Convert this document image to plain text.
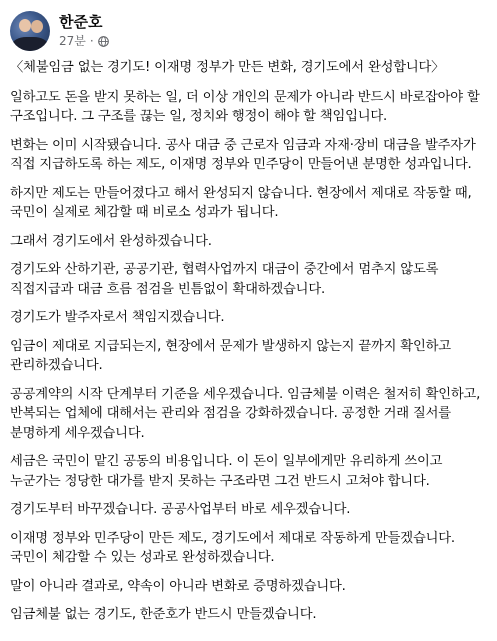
한준호
27분 ·

〈체불임금 없는 경기도! 이재명 정부가 만든 변화, 경기도에서 완성합니다〉

일하고도 돈을 받지 못하는 일, 더 이상 개인의 문제가 아니라 반드시 바로잡아야 할 구조입니다. 그 구조를 끊는 일, 정치와 행정이 해야 할 책임입니다.

변화는 이미 시작됐습니다. 공사 대금 중 근로자 임금과 자재·장비 대금을 발주자가 직접 지급하도록 하는 제도, 이재명 정부와 민주당이 만들어낸 분명한 성과입니다.

하지만 제도는 만들어졌다고 해서 완성되지 않습니다. 현장에서 제대로 작동할 때, 국민이 실제로 체감할 때 비로소 성과가 됩니다.

그래서 경기도에서 완성하겠습니다.

경기도와 산하기관, 공공기관, 협력사업까지 대금이 중간에서 멈추지 않도록 직접지급과 대금 흐름 점검을 빈틈없이 확대하겠습니다.

경기도가 발주자로서 책임지겠습니다.

임금이 제대로 지급되는지, 현장에서 문제가 발생하지 않는지 끝까지 확인하고 관리하겠습니다.

공공계약의 시작 단계부터 기준을 세우겠습니다. 임금체불 이력은 철저히 확인하고, 반복되는 업체에 대해서는 관리와 점검을 강화하겠습니다. 공정한 거래 질서를 분명하게 세우겠습니다.

세금은 국민이 맡긴 공동의 비용입니다. 이 돈이 일부에게만 유리하게 쓰이고 누군가는 정당한 대가를 받지 못하는 구조라면 그건 반드시 고쳐야 합니다.

경기도부터 바꾸겠습니다. 공공사업부터 바로 세우겠습니다.

이재명 정부와 민주당이 만든 제도, 경기도에서 제대로 작동하게 만들겠습니다. 국민이 체감할 수 있는 성과로 완성하겠습니다.

말이 아니라 결과로, 약속이 아니라 변화로 증명하겠습니다.

임금체불 없는 경기도, 한준호가 반드시 만들겠습니다.
